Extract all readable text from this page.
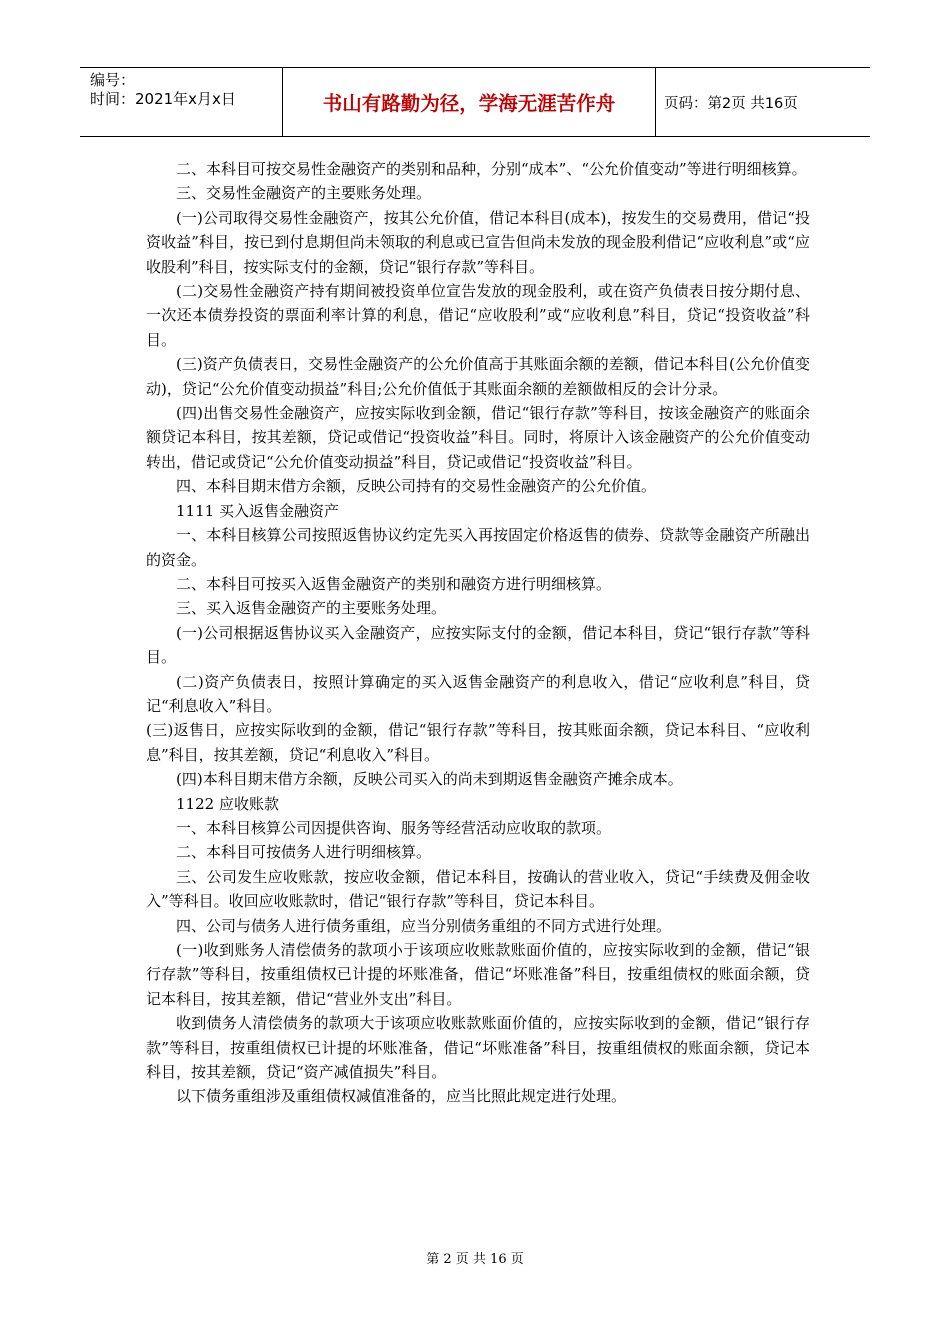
编号：
时间：2021年x月x日	书山有路勤为径，学海无涯苦作舟	页码：第2页 共16页

二、本科目可按交易性金融资产的类别和品种，分别“成本”、“公允价值变动”等进行明细核算。

三、交易性金融资产的主要账务处理。

(一)公司取得交易性金融资产，按其公允价值，借记本科目(成本)，按发生的交易费用，借记“投资收益”科目，按已到付息期但尚未领取的利息或已宣告但尚未发放的现金股利借记“应收利息”或“应收股利”科目，按实际支付的金额，贷记“银行存款”等科目。

(二)交易性金融资产持有期间被投资单位宣告发放的现金股利，或在资产负债表日按分期付息、一次还本债券投资的票面利率计算的利息，借记“应收股利”或“应收利息”科目，贷记“投资收益”科目。

(三)资产负债表日，交易性金融资产的公允价值高于其账面余额的差额，借记本科目(公允价值变动)，贷记“公允价值变动损益”科目;公允价值低于其账面余额的差额做相反的会计分录。

(四)出售交易性金融资产，应按实际收到金额，借记“银行存款”等科目，按该金融资产的账面余额贷记本科目，按其差额，贷记或借记“投资收益”科目。同时，将原计入该金融资产的公允价值变动转出，借记或贷记“公允价值变动损益”科目，贷记或借记“投资收益”科目。

四、本科目期末借方余额，反映公司持有的交易性金融资产的公允价值。

1111 买入返售金融资产

一、本科目核算公司按照返售协议约定先买入再按固定价格返售的债券、贷款等金融资产所融出的资金。

二、本科目可按买入返售金融资产的类别和融资方进行明细核算。

三、买入返售金融资产的主要账务处理。

(一)公司根据返售协议买入金融资产，应按实际支付的金额，借记本科目，贷记“银行存款”等科目。

(二)资产负债表日，按照计算确定的买入返售金融资产的利息收入，借记“应收利息”科目，贷记“利息收入”科目。

(三)返售日，应按实际收到的金额，借记“银行存款”等科目，按其账面余额，贷记本科目、“应收利息”科目，按其差额，贷记“利息收入”科目。

(四)本科目期末借方余额，反映公司买入的尚未到期返售金融资产摊余成本。

1122 应收账款

一、本科目核算公司因提供咨询、服务等经营活动应收取的款项。

二、本科目可按债务人进行明细核算。

三、公司发生应收账款，按应收金额，借记本科目，按确认的营业收入，贷记“手续费及佣金收入”等科目。收回应收账款时，借记“银行存款”等科目，贷记本科目。

四、公司与债务人进行债务重组，应当分别债务重组的不同方式进行处理。

(一)收到账务人清偿债务的款项小于该项应收账款账面价值的，应按实际收到的金额，借记“银行存款”等科目，按重组债权已计提的坏账准备，借记“坏账准备”科目，按重组债权的账面余额，贷记本科目，按其差额，借记“营业外支出”科目。

收到债务人清偿债务的款项大于该项应收账款账面价值的，应按实际收到的金额，借记“银行存款”等科目，按重组债权已计提的坏账准备，借记“坏账准备”科目，按重组债权的账面余额，贷记本科目，按其差额，贷记“资产减值损失”科目。

以下债务重组涉及重组债权减值准备的，应当比照此规定进行处理。

第 2 页 共 16 页
